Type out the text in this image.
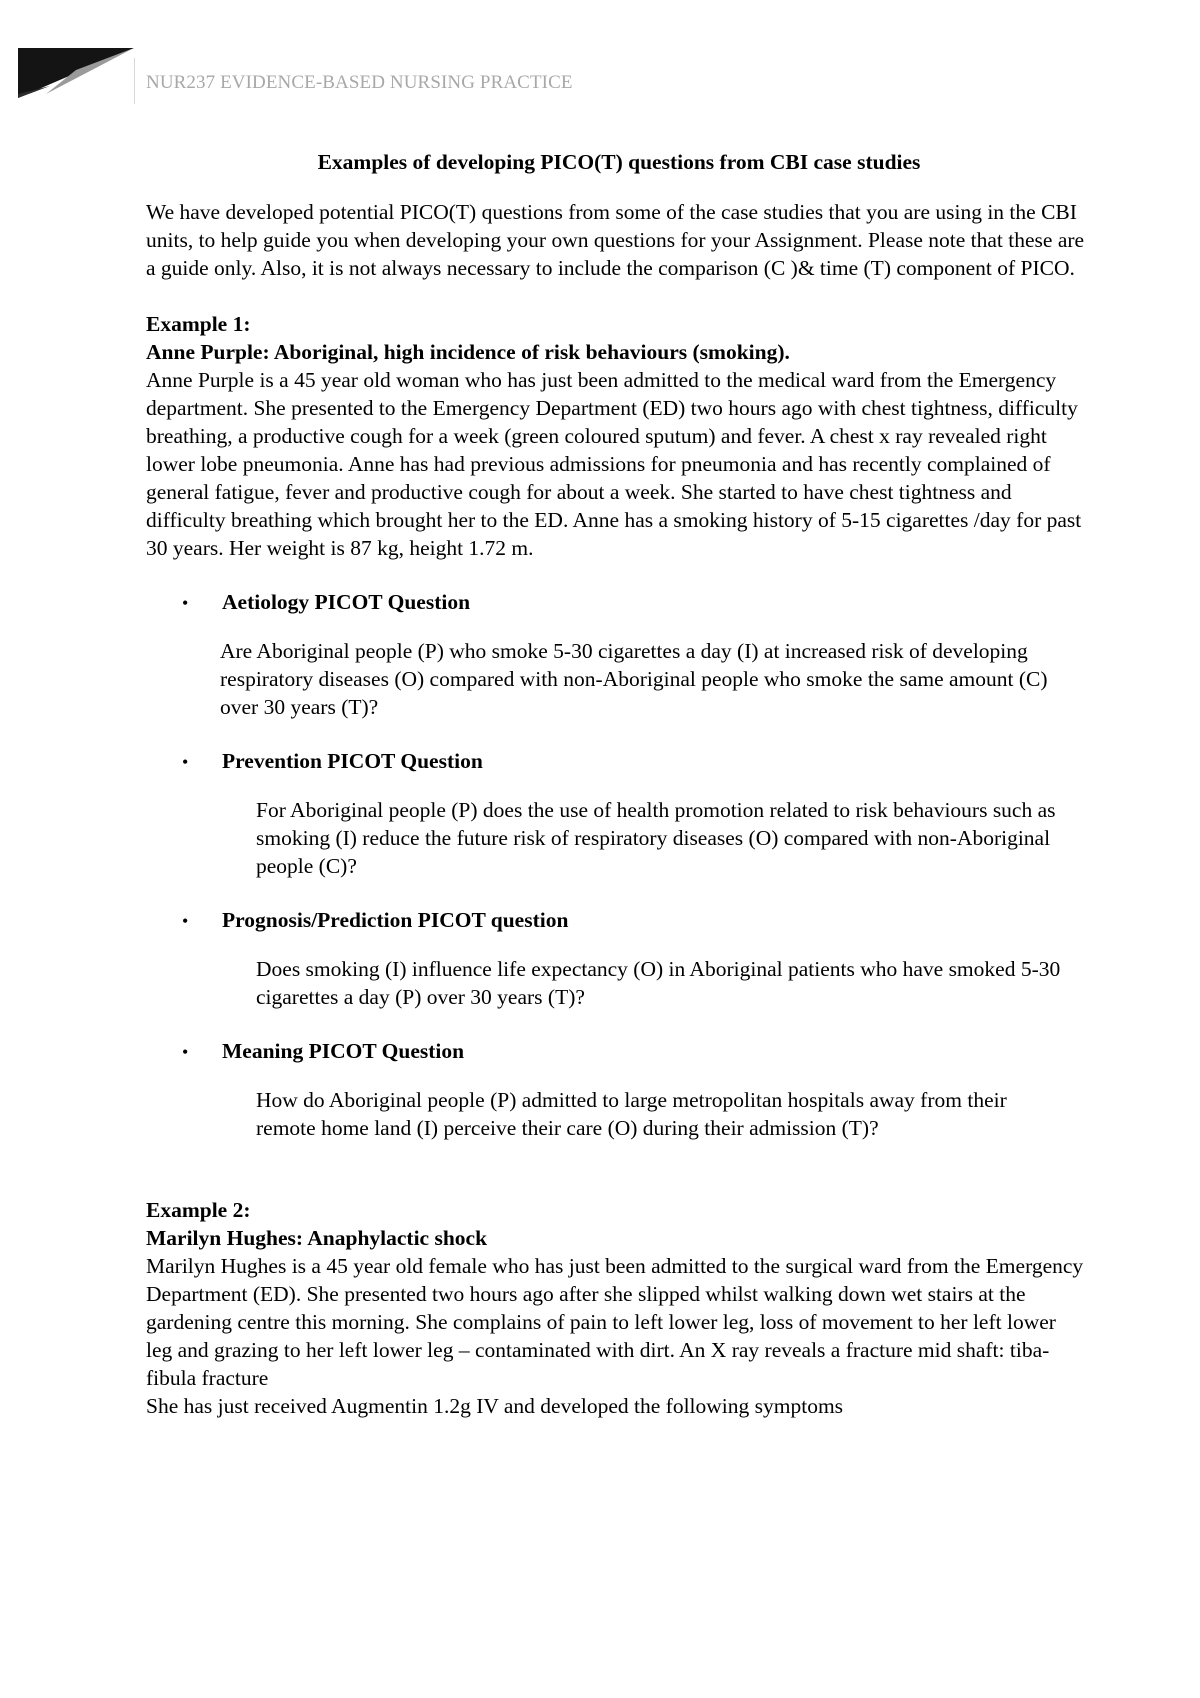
NUR237 EVIDENCE-BASED NURSING PRACTICE

Examples of developing PICO(T) questions from CBI case studies

We have developed potential PICO(T) questions from some of the case studies that you are using in the CBI units, to help guide you when developing your own questions for your Assignment. Please note that these are a guide only. Also, it is not always necessary to include the comparison (C )& time (T) component of PICO.

Example 1:

Anne Purple: Aboriginal, high incidence of risk behaviours (smoking).

Anne Purple is a 45 year old woman who has just been admitted to the medical ward from the Emergency department. She presented to the Emergency Department (ED) two hours ago with chest tightness, difficulty breathing, a productive cough for a week (green coloured sputum) and fever. A chest x ray revealed right lower lobe pneumonia. Anne has had previous admissions for pneumonia and has recently complained of general fatigue, fever and productive cough for about a week. She started to have chest tightness and difficulty breathing which brought her to the ED. Anne has a smoking history of 5-15 cigarettes /day for past 30 years. Her weight is 87 kg, height 1.72 m.

•	Aetiology PICOT Question

Are Aboriginal people (P) who smoke 5-30 cigarettes a day (I) at increased risk of developing respiratory diseases (O) compared with non-Aboriginal people who smoke the same amount (C) over 30 years (T)?

•	Prevention PICOT Question

For Aboriginal people (P) does the use of health promotion related to risk behaviours such as smoking (I) reduce the future risk of respiratory diseases (O) compared with non-Aboriginal people (C)?

•	Prognosis/Prediction PICOT question

Does smoking (I) influence life expectancy (O) in Aboriginal patients who have smoked 5-30 cigarettes a day (P) over 30 years (T)?

•	Meaning PICOT Question

How do Aboriginal people (P) admitted to large metropolitan hospitals away from their remote home land (I) perceive their care (O) during their admission (T)?

Example 2:

Marilyn Hughes: Anaphylactic shock

Marilyn Hughes is a 45 year old female who has just been admitted to the surgical ward from the Emergency Department (ED). She presented two hours ago after she slipped whilst walking down wet stairs at the gardening centre this morning. She complains of pain to left lower leg, loss of movement to her left lower leg and grazing to her left lower leg – contaminated with dirt. An X ray reveals a fracture mid shaft: tiba-fibula fracture

She has just received Augmentin 1.2g IV and developed the following symptoms
